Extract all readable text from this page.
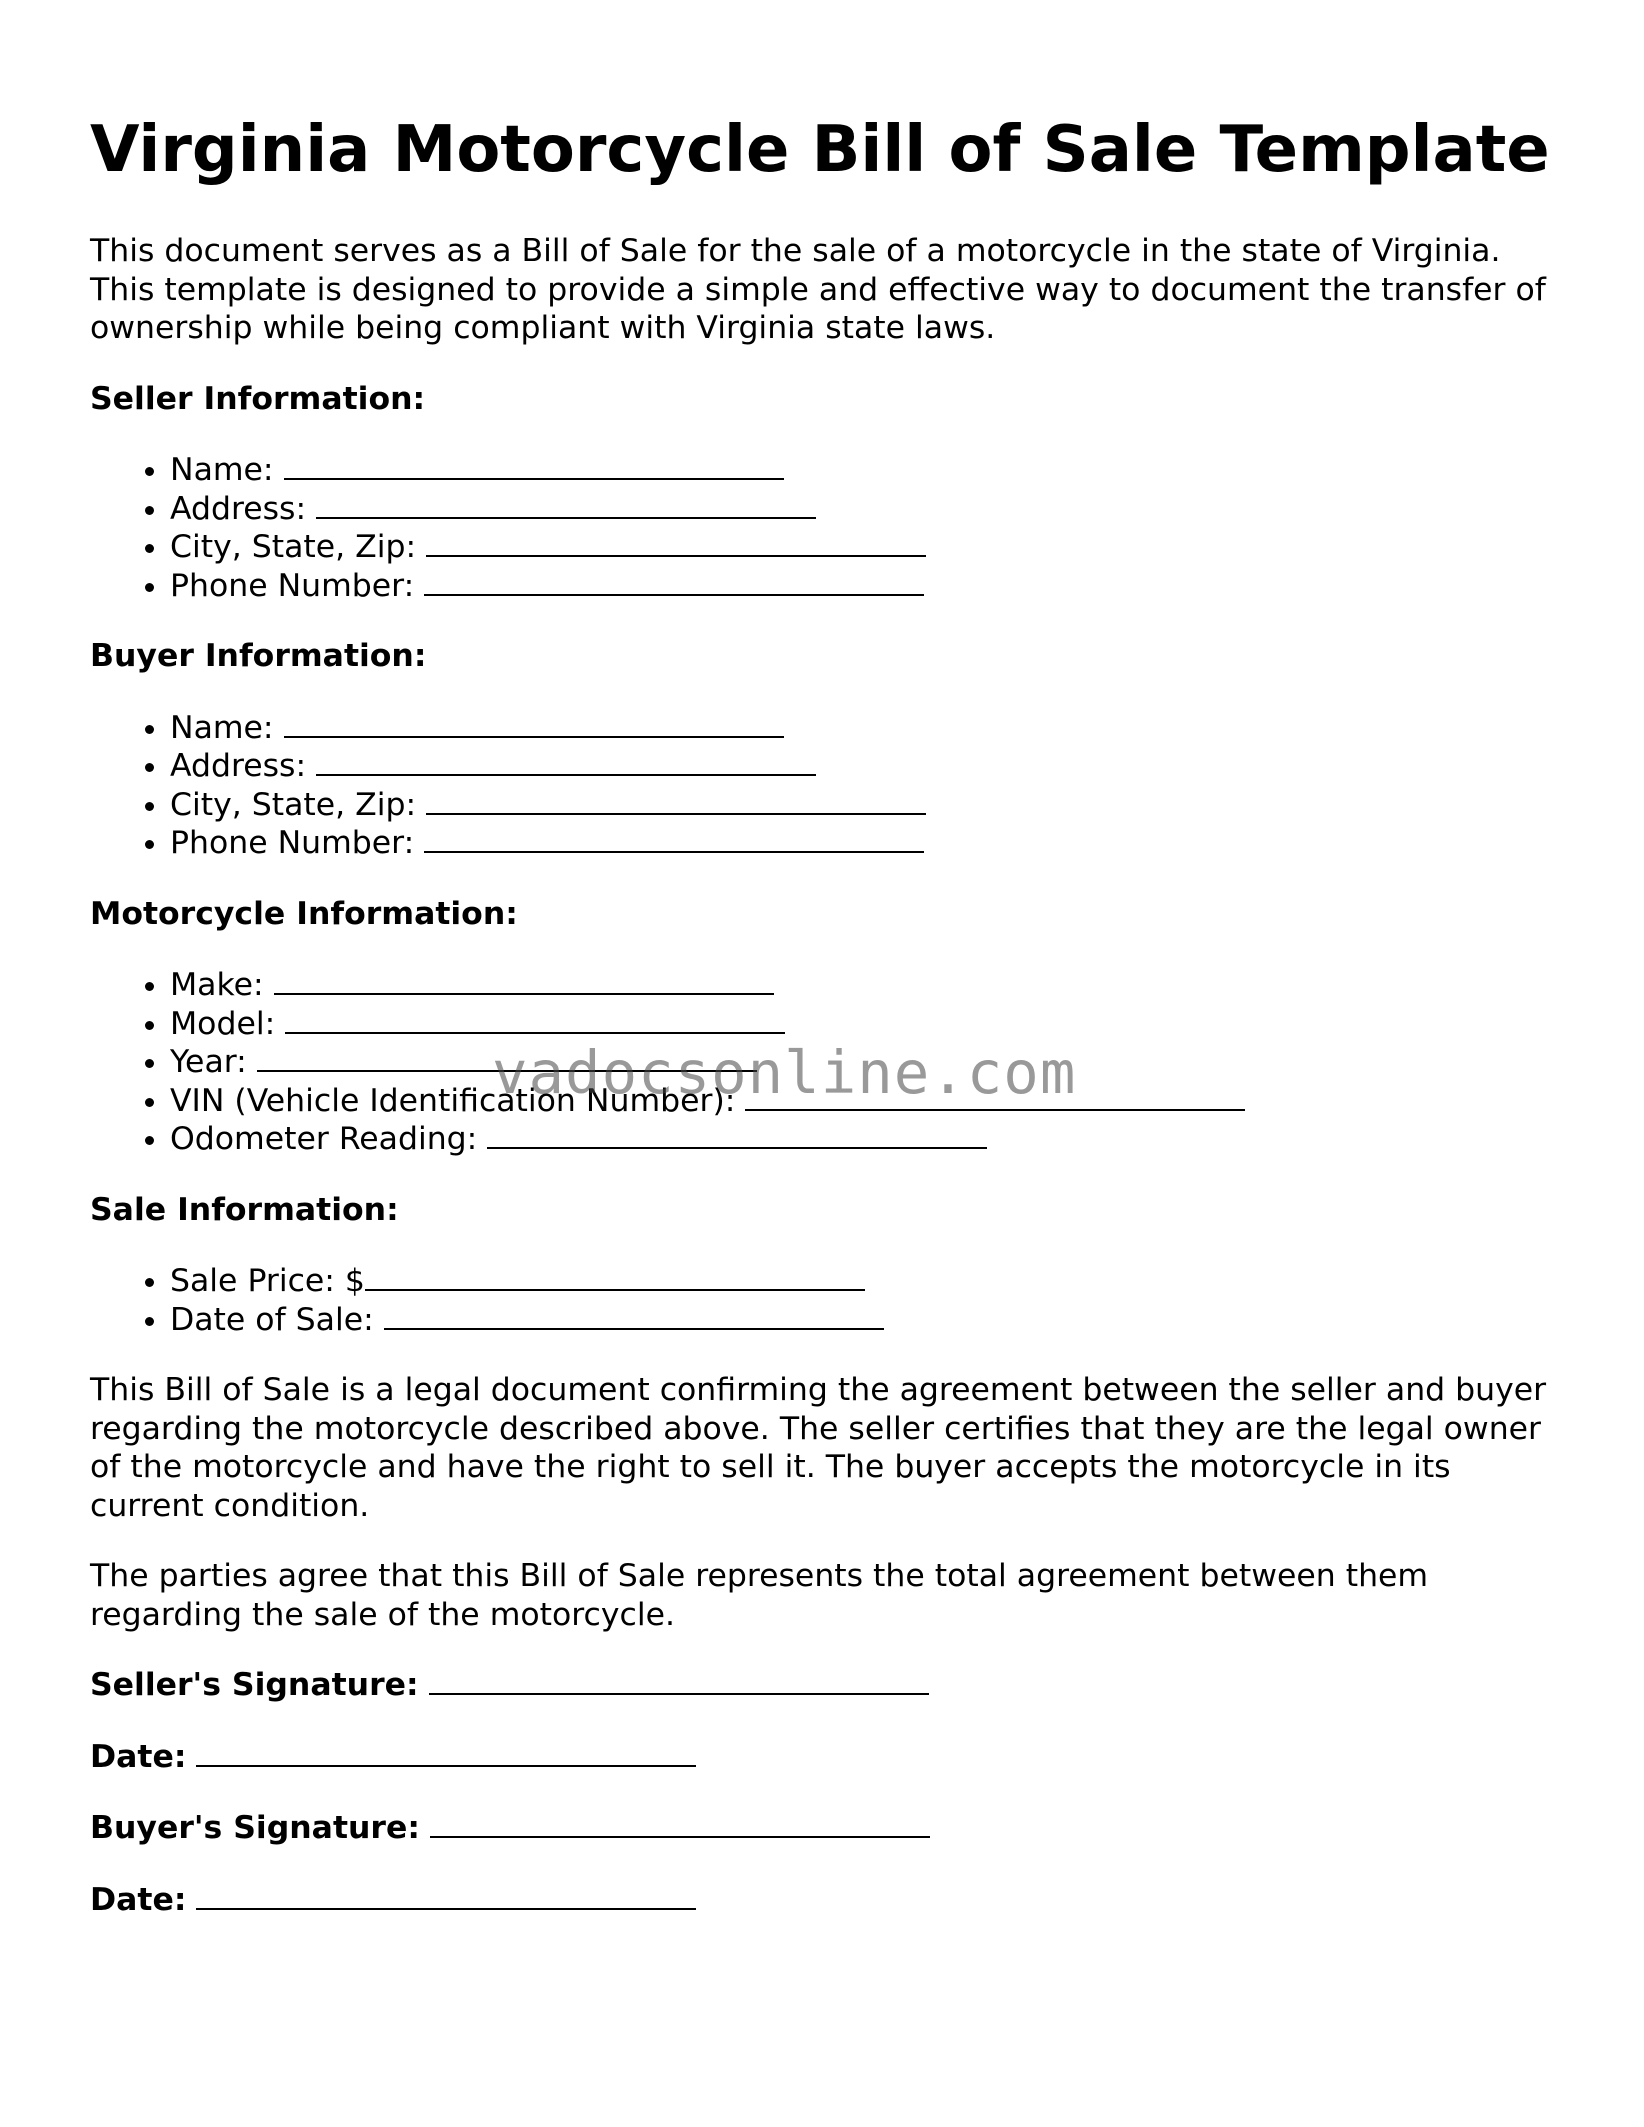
Virginia Motorcycle Bill of Sale Template

This document serves as a Bill of Sale for the sale of a motorcycle in the state of Virginia. This template is designed to provide a simple and effective way to document the transfer of ownership while being compliant with Virginia state laws.

Seller Information:
• Name:
• Address:
• City, State, Zip:
• Phone Number:
Buyer Information:
• Name:
• Address:
• City, State, Zip:
• Phone Number:
Motorcycle Information:
• Make:
• Model:
• Year:
• VIN (Vehicle Identification Number):
• Odometer Reading:
Sale Information:
• Sale Price: $
• Date of Sale:

This Bill of Sale is a legal document confirming the agreement between the seller and buyer regarding the motorcycle described above. The seller certifies that they are the legal owner of the motorcycle and have the right to sell it. The buyer accepts the motorcycle in its current condition.

The parties agree that this Bill of Sale represents the total agreement between them regarding the sale of the motorcycle.

Seller's Signature:
Date:
Buyer's Signature:
Date:
vadocsonline.com
